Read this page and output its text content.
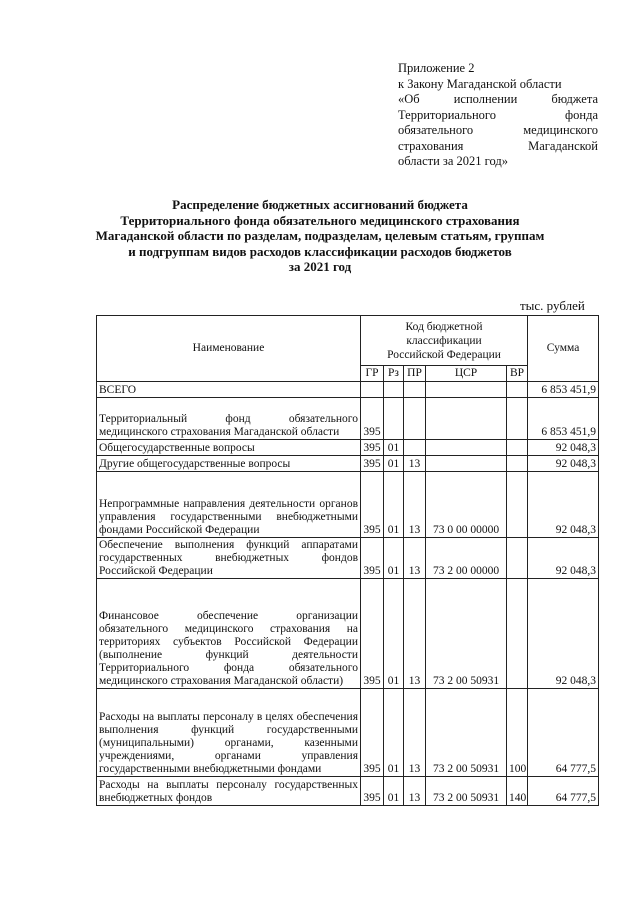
Приложение 2
к Закону Магаданской области
«Об исполнении бюджета
Территориального фонда
обязательного медицинского
страхования Магаданской
области за 2021 год»
Распределение бюджетных ассигнований бюджета
Территориального фонда обязательного медицинского страхования
Магаданской области по разделам, подразделам, целевым статьям, группам
и подгруппам видов расходов классификации расходов бюджетов
за 2021 год
тыс. рублей
Наименование	Код бюджетной классификации Российской Федерации					Сумма
	ГР	Рз	ПР	ЦСР	ВР	
ВСЕГО						6 853 451,9
Территориальный фонд обязательного медицинского страхования Магаданской области	395					6 853 451,9
Общегосударственные вопросы	395	01				92 048,3
Другие общегосударственные вопросы	395	01	13			92 048,3
Непрограммные направления деятельности органов управления государственными внебюджетными фондами Российской Федерации	395	01	13	73 0 00 00000		92 048,3
Обеспечение выполнения функций аппаратами государственных внебюджетных фондов Российской Федерации	395	01	13	73 2 00 00000		92 048,3
Финансовое обеспечение организации обязательного медицинского страхования на территориях субъектов Российской Федерации (выполнение функций деятельности Территориального фонда обязательного медицинского страхования Магаданской области)	395	01	13	73 2 00 50931		92 048,3
Расходы на выплаты персоналу в целях обеспечения выполнения функций государственными (муниципальными) органами, казенными учреждениями, органами управления государственными внебюджетными фондами	395	01	13	73 2 00 50931	100	64 777,5
Расходы на выплаты персоналу государственных внебюджетных фондов	395	01	13	73 2 00 50931	140	64 777,5
